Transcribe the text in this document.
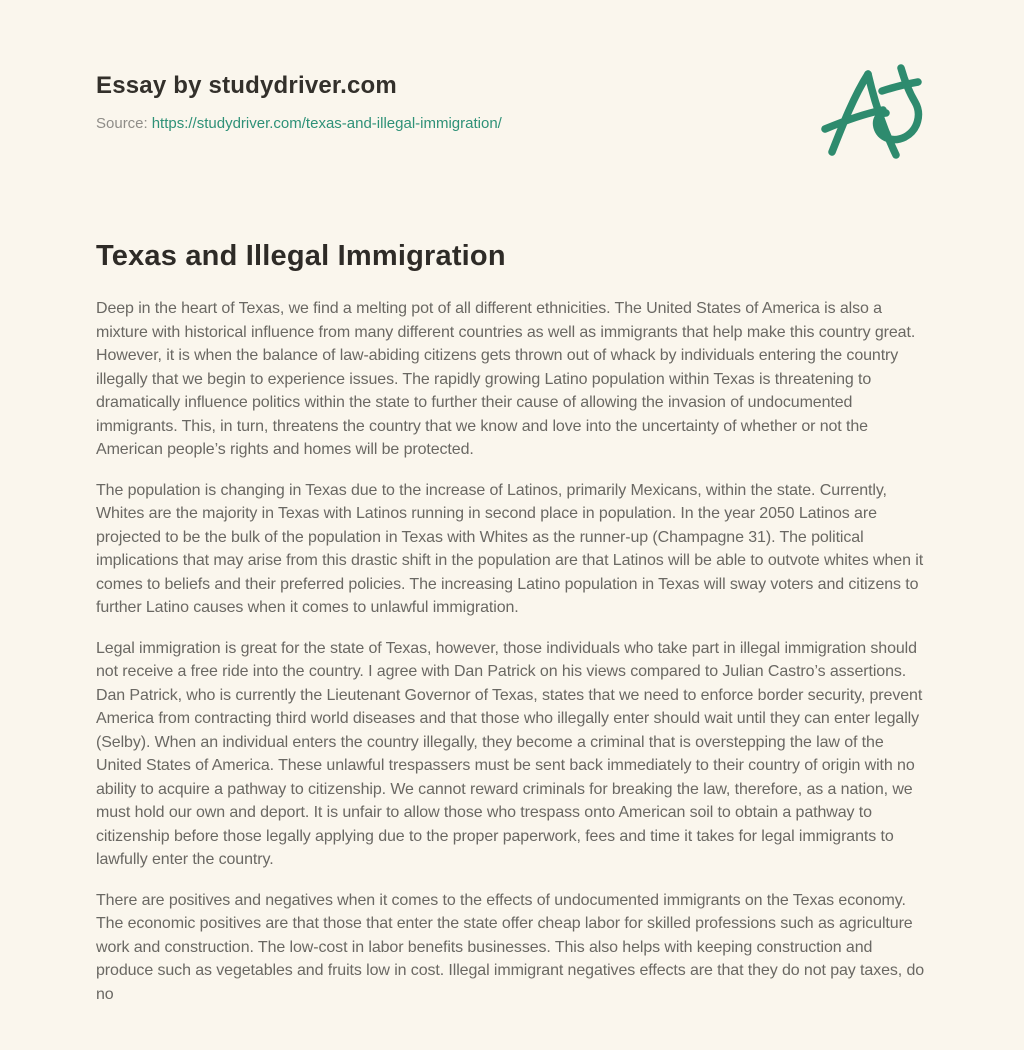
Essay by studydriver.com
Source: https://studydriver.com/texas-and-illegal-immigration/
Texas and Illegal Immigration

Deep in the heart of Texas, we find a melting pot of all different ethnicities. The United States of America is also a mixture with historical influence from many different countries as well as immigrants that help make this country great. However, it is when the balance of law-abiding citizens gets thrown out of whack by individuals entering the country illegally that we begin to experience issues. The rapidly growing Latino population within Texas is threatening to dramatically influence politics within the state to further their cause of allowing the invasion of undocumented immigrants. This, in turn, threatens the country that we know and love into the uncertainty of whether or not the American people’s rights and homes will be protected.

The population is changing in Texas due to the increase of Latinos, primarily Mexicans, within the state. Currently, Whites are the majority in Texas with Latinos running in second place in population. In the year 2050 Latinos are projected to be the bulk of the population in Texas with Whites as the runner-up (Champagne 31). The political implications that may arise from this drastic shift in the population are that Latinos will be able to outvote whites when it comes to beliefs and their preferred policies. The increasing Latino population in Texas will sway voters and citizens to further Latino causes when it comes to unlawful immigration.

Legal immigration is great for the state of Texas, however, those individuals who take part in illegal immigration should not receive a free ride into the country. I agree with Dan Patrick on his views compared to Julian Castro’s assertions. Dan Patrick, who is currently the Lieutenant Governor of Texas, states that we need to enforce border security, prevent America from contracting third world diseases and that those who illegally enter should wait until they can enter legally (Selby). When an individual enters the country illegally, they become a criminal that is overstepping the law of the United States of America. These unlawful trespassers must be sent back immediately to their country of origin with no ability to acquire a pathway to citizenship. We cannot reward criminals for breaking the law, therefore, as a nation, we must hold our own and deport. It is unfair to allow those who trespass onto American soil to obtain a pathway to citizenship before those legally applying due to the proper paperwork, fees and time it takes for legal immigrants to lawfully enter the country.

There are positives and negatives when it comes to the effects of undocumented immigrants on the Texas economy. The economic positives are that those that enter the state offer cheap labor for skilled professions such as agriculture work and construction. The low-cost in labor benefits businesses. This also helps with keeping construction and produce such as vegetables and fruits low in cost. Illegal immigrant negatives effects are that they do not pay taxes, do no
